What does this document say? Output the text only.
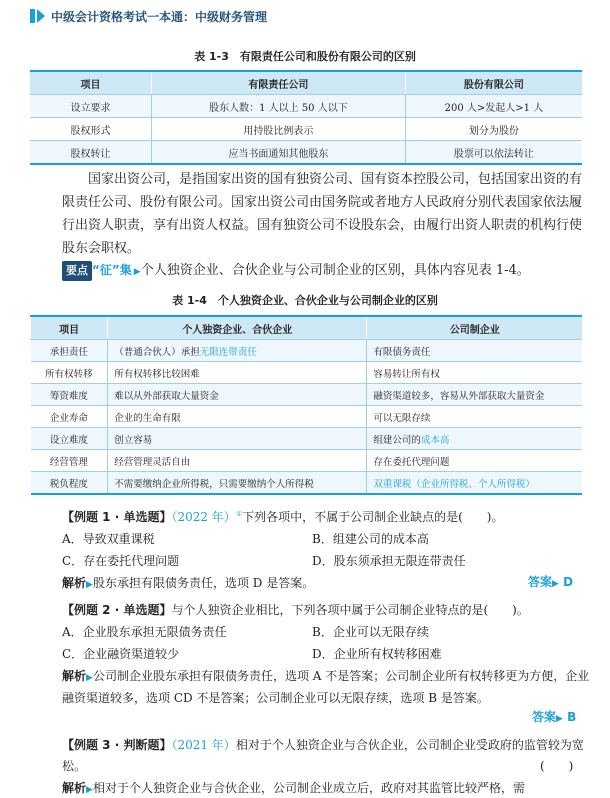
中级会计资格考试一本通：中级财务管理
表 1-3　有限责任公司和股份有限公司的区别
项目	有限责任公司	股份有限公司
设立要求	股东人数：1 人以上 50 人以下	200 人>发起人>1 人
股权形式	用持股比例表示	划分为股份
股权转让	应当书面通知其他股东	股票可以依法转让

国家出资公司，是指国家出资的国有独资公司、国有资本控股公司，包括国家出资的有限责任公司、股份有限公司。国家出资公司由国务院或者地方人民政府分别代表国家依法履行出资人职责，享有出资人权益。国有独资公司不设股东会，由履行出资人职责的机构行使股东会职权。

要点 “征”集 ▶个人独资企业、合伙企业与公司制企业的区别，具体内容见表 1-4。
表 1-4　个人独资企业、合伙企业与公司制企业的区别
项目	个人独资企业、合伙企业	公司制企业
承担责任	（普通合伙人）承担无限连带责任	有限债务责任
所有权转移	所有权转移比较困难	容易转让所有权
筹资难度	难以从外部获取大量资金	融资渠道较多，容易从外部获取大量资金
企业寿命	企业的生命有限	可以无限存续
设立难度	创立容易	组建公司的成本高
经营管理	经营管理灵活自由	存在委托代理问题
税负程度	不需要缴纳企业所得税，只需要缴纳个人所得税	双重课税（企业所得税、个人所得税）
【例题 1 · 单选题】（2022 年）①下列各项中，不属于公司制企业缺点的是(　　)。
A．导致双重课税	B．组建公司的成本高
C．存在委托代理问题	D．股东须承担无限连带责任
解析▶股东承担有限债务责任，选项 D 是答案。	答案▶ D
【例题 2 · 单选题】与个人独资企业相比，下列各项中属于公司制企业特点的是(　　)。
A．企业股东承担无限债务责任	B．企业可以无限存续
C．企业融资渠道较少	D．企业所有权转移困难
解析▶公司制企业股东承担有限债务责任，选项 A 不是答案；公司制企业所有权转移更为方便，企业融资渠道较多，选项 CD 不是答案；公司制企业可以无限存续，选项 B 是答案。
答案▶ B
【例题 3 · 判断题】（2021 年）相对于个人独资企业与合伙企业，公司制企业受政府的监管较为宽松。	(　　)
解析▶相对于个人独资企业与合伙企业，公司制企业成立后，政府对其监管比较严格，需
